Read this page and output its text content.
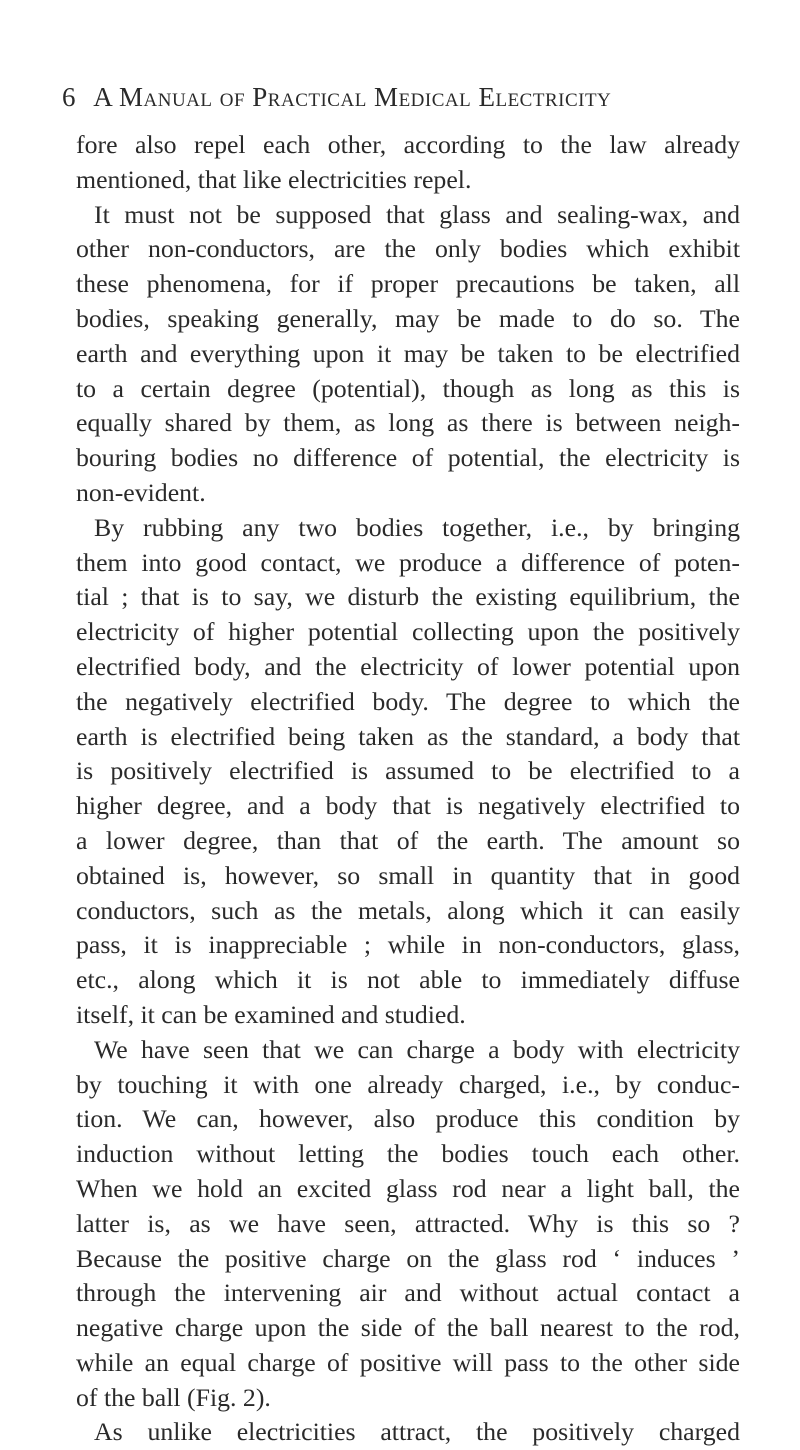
6 A Manual of Practical Medical Electricity
fore also repel each other, according to the law already
mentioned, that like electricities repel.
It must not be supposed that glass and sealing-wax, and
other non-conductors, are the only bodies which exhibit
these phenomena, for if proper precautions be taken, all
bodies, speaking generally, may be made to do so. The
earth and everything upon it may be taken to be electrified
to a certain degree (potential), though as long as this is
equally shared by them, as long as there is between neigh-
bouring bodies no difference of potential, the electricity is
non-evident.
By rubbing any two bodies together, i.e., by bringing
them into good contact, we produce a difference of poten-
tial ; that is to say, we disturb the existing equilibrium, the
electricity of higher potential collecting upon the positively
electrified body, and the electricity of lower potential upon
the negatively electrified body. The degree to which the
earth is electrified being taken as the standard, a body that
is positively electrified is assumed to be electrified to a
higher degree, and a body that is negatively electrified to
a lower degree, than that of the earth. The amount so
obtained is, however, so small in quantity that in good
conductors, such as the metals, along which it can easily
pass, it is inappreciable ; while in non-conductors, glass,
etc., along which it is not able to immediately diffuse
itself, it can be examined and studied.
We have seen that we can charge a body with electricity
by touching it with one already charged, i.e., by conduc-
tion. We can, however, also produce this condition by
induction without letting the bodies touch each other.
When we hold an excited glass rod near a light ball, the
latter is, as we have seen, attracted. Why is this so ?
Because the positive charge on the glass rod ‘ induces ’
through the intervening air and without actual contact a
negative charge upon the side of the ball nearest to the rod,
while an equal charge of positive will pass to the other side
of the ball (Fig. 2).
As unlike electricities attract, the positively charged
